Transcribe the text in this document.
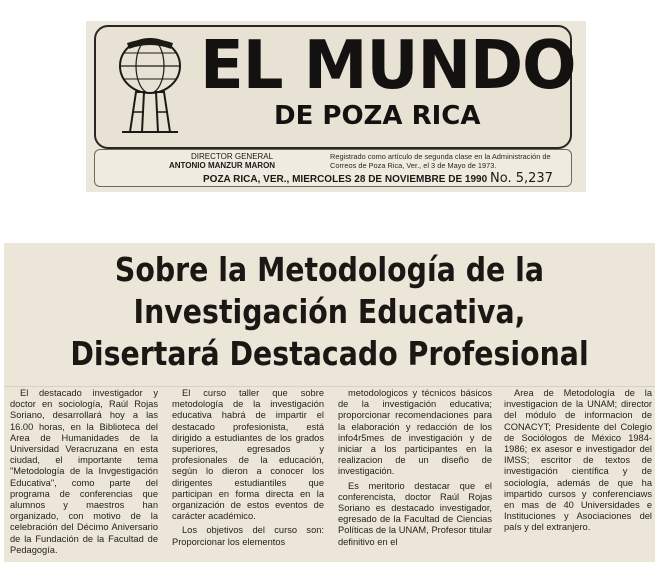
EL MUNDO
DE POZA RICA
DIRECTOR GENERAL
ANTONIO MANZUR MARON
Registrado como artículo de segunda clase en la Administración de Correos de Poza Rica, Ver., el 3 de Mayo de 1973.
POZA RICA, VER., MIERCOLES 28 DE NOVIEMBRE DE 1990 No. 5,237
Sobre la Metodología de la
Investigación Educativa,
Disertará Destacado Profesional

El destacado investigador y doctor en sociología, Raúl Rojas Soriano, desarrollará hoy a las 16.00 horas, en la Biblioteca del Area de Humanidades de la Universidad Veracruzana en esta ciudad, el importante tema "Metodología de la Invgestigación Educativa", como parte del programa de conferencias que alumnos y maestros han organizado, con motivo de la celebración del Décimo Aniversario de la Fundación de la Facultad de Pedagogía.

El curso taller que sobre metodología de la investigación educativa habrá de impartir el destacado profesionista, está dirigido a estudiantes de los grados superiores, egresados y profesionales de la educación, según lo dieron a conocer los dirigentes estudiantiles que participan en forma directa en la organización de estos eventos de carácter académico.

Los objetivos del curso son: Proporcionar los elementos

metodologicos y técnicos básicos de la investigación educativa; proporcionar recomendaciones para la elaboración y redacción de los info4r5mes de investigación y de iniciar a los participantes en la realizacion de un diseño de investigación.

Es meritorio destacar que el conferencista, doctor Raúl Rojas Soriano es destacado investigador, egresado de la Facultad de Ciencias Políticas de la UNAM, Profesor titular definitivo en el

Area de Metodología de la investigacion de la UNAM; director del módulo de informacion de CONACYT; Presidente del Colegio de Sociólogos de México 1984-1986; ex asesor e investigador del IMSS; escritor de textos de investigación científica y de sociología, además de que ha impartido cursos y conferenciaws en mas de 40 Universidades e Instituciones y Asociaciones del país y del extranjero.
